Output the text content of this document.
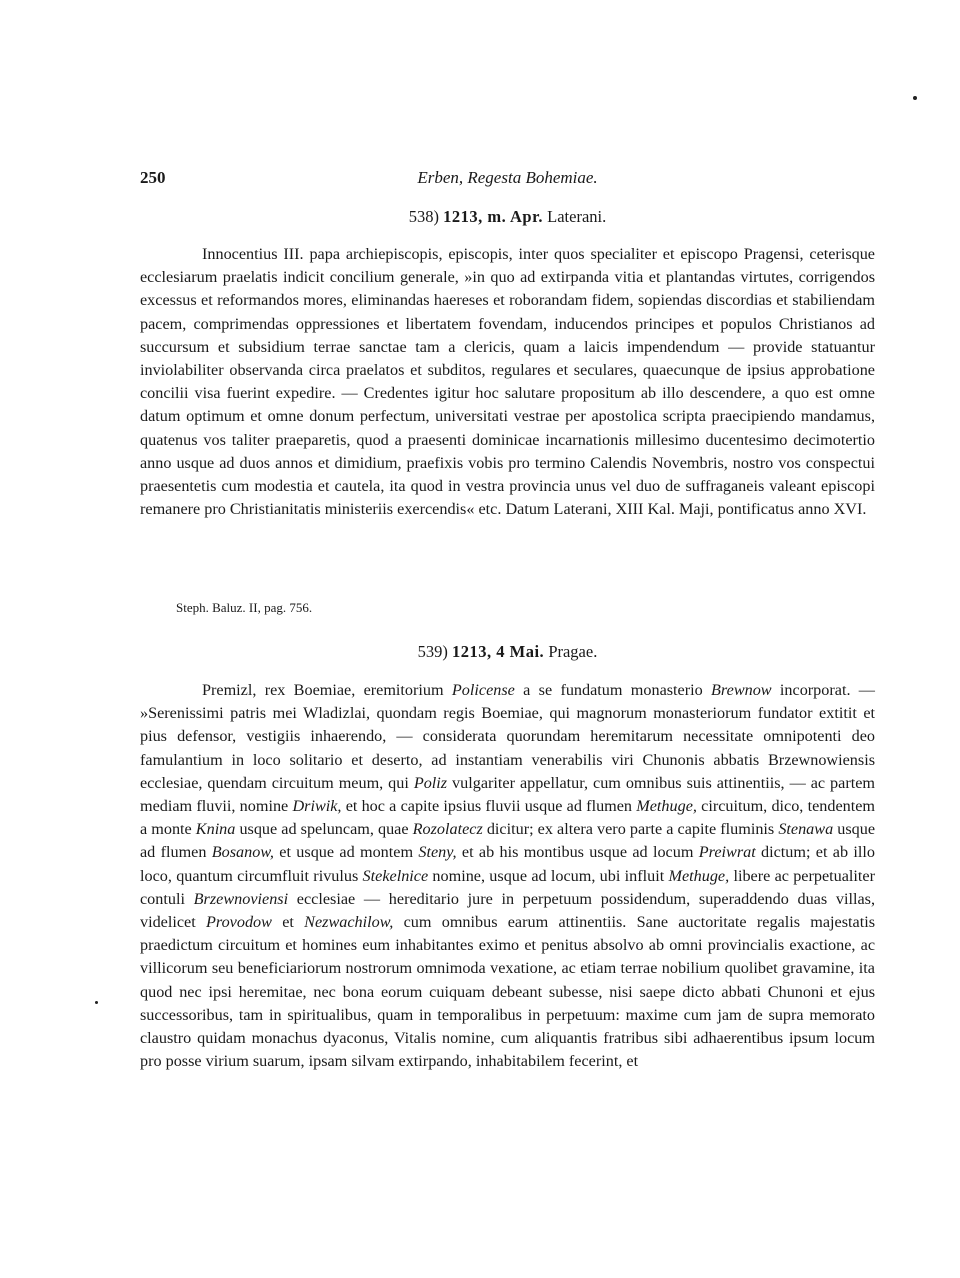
250	Erben, Regesta Bohemiae.
538) 1213, m. Apr. Laterani.

Innocentius III. papa archiepiscopis, episcopis, inter quos specialiter et episcopo Pragensi, ceterisque ecclesiarum praelatis indicit concilium generale, »in quo ad extirpanda vitia et plantandas virtutes, corrigendos excessus et reformandos mores, eliminandas haereses et roborandam fidem, sopiendas discordias et stabiliendam pacem, comprimendas oppressiones et libertatem fovendam, inducendos principes et populos Christianos ad succursum et subsidium terrae sanctae tam a clericis, quam a laicis impendendum — provide statuantur inviolabiliter observanda circa praelatos et subditos, regulares et seculares, quaecunque de ipsius approbatione concilii visa fuerint expedire. — Credentes igitur hoc salutare propositum ab illo descendere, a quo est omne datum optimum et omne donum perfectum, universitati vestrae per apostolica scripta praecipiendo mandamus, quatenus vos taliter praeparetis, quod a praesenti dominicae incarnationis millesimo ducentesimo decimotertio anno usque ad duos annos et dimidium, praefixis vobis pro termino Calendis Novembris, nostro vos conspectui praesentetis cum modestia et cautela, ita quod in vestra provincia unus vel duo de suffraganeis valeant episcopi remanere pro Christianitatis ministeriis exercendis« etc. Datum Laterani, XIII Kal. Maji, pontificatus anno XVI.

Steph. Baluz. II, pag. 756.
539) 1213, 4 Mai. Pragae.

Premizl, rex Boemiae, eremitorium Policense a se fundatum monasterio Brewnow incorporat. — »Serenissimi patris mei Wladizlai, quondam regis Boemiae, qui magnorum monasteriorum fundator extitit et pius defensor, vestigiis inhaerendo, — considerata quorundam heremitarum necessitate omnipotenti deo famulantium in loco solitario et deserto, ad instantiam venerabilis viri Chunonis abbatis Brzewnowiensis ecclesiae, quendam circuitum meum, qui Poliz vulgariter appellatur, cum omnibus suis attinentiis, — ac partem mediam fluvii, nomine Driwik, et hoc a capite ipsius fluvii usque ad flumen Methuge, circuitum, dico, tendentem a monte Knina usque ad speluncam, quae Rozolatecz dicitur; ex altera vero parte a capite fluminis Stenawa usque ad flumen Bosanow, et usque ad montem Steny, et ab his montibus usque ad locum Preiwrat dictum; et ab illo loco, quantum circumfluit rivulus Stekelnice nomine, usque ad locum, ubi influit Methuge, libere ac perpetualiter contuli Brzewnoviensi ecclesiae — hereditario jure in perpetuum possidendum, superaddendo duas villas, videlicet Provodow et Nezwachilow, cum omnibus earum attinentiis. Sane auctoritate regalis majestatis praedictum circuitum et homines eum inhabitantes eximo et penitus absolvo ab omni provincialis exactione, ac villicorum seu beneficiariorum nostrorum omnimoda vexatione, ac etiam terrae nobilium quolibet gravamine, ita quod nec ipsi heremitae, nec bona eorum cuiquam debeant subesse, nisi saepe dicto abbati Chunoni et ejus successoribus, tam in spiritualibus, quam in temporalibus in perpetuum: maxime cum jam de supra memorato claustro quidam monachus dyaconus, Vitalis nomine, cum aliquantis fratribus sibi adhaerentibus ipsum locum pro posse virium suarum, ipsam silvam extirpando, inhabitabilem fecerint, et
